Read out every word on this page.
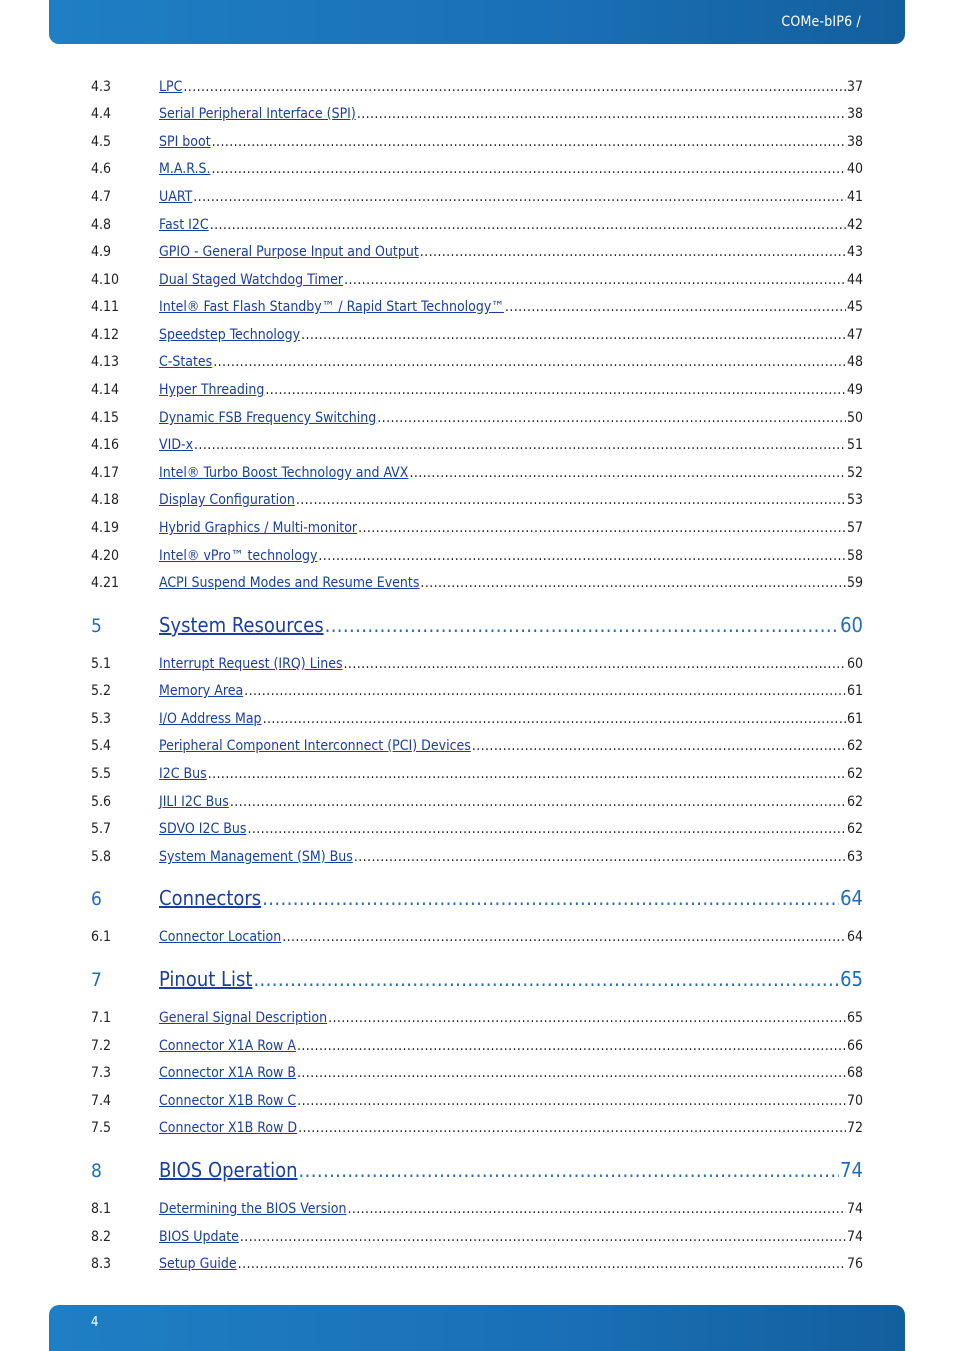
COMe-bIP6 /
4.3	LPC .....	37
4.4	Serial Peripheral Interface (SPI) .....	38
4.5	SPI boot .....	38
4.6	M.A.R.S. .....	40
4.7	UART .....	41
4.8	Fast I2C .....	42
4.9	GPIO - General Purpose Input and Output .....	43
4.10	Dual Staged Watchdog Timer .....	44
4.11	Intel® Fast Flash Standby™ / Rapid Start Technology™ .....	45
4.12	Speedstep Technology .....	47
4.13	C-States .....	48
4.14	Hyper Threading .....	49
4.15	Dynamic FSB Frequency Switching .....	50
4.16	VID-x .....	51
4.17	Intel® Turbo Boost Technology and AVX .....	52
4.18	Display Configuration .....	53
4.19	Hybrid Graphics / Multi-monitor .....	57
4.20	Intel® vPro™ technology .....	58
4.21	ACPI Suspend Modes and Resume Events .....	59
5	System Resources .....	60
5.1	Interrupt Request (IRQ) Lines .....	60
5.2	Memory Area .....	61
5.3	I/O Address Map .....	61
5.4	Peripheral Component Interconnect (PCI) Devices .....	62
5.5	I2C Bus .....	62
5.6	JILI I2C Bus .....	62
5.7	SDVO I2C Bus .....	62
5.8	System Management (SM) Bus .....	63
6	Connectors .....	64
6.1	Connector Location .....	64
7	Pinout List .....	65
7.1	General Signal Description .....	65
7.2	Connector X1A Row A .....	66
7.3	Connector X1A Row B .....	68
7.4	Connector X1B Row C .....	70
7.5	Connector X1B Row D .....	72
8	BIOS Operation .....	74
8.1	Determining the BIOS Version .....	74
8.2	BIOS Update .....	74
8.3	Setup Guide .....	76
4
